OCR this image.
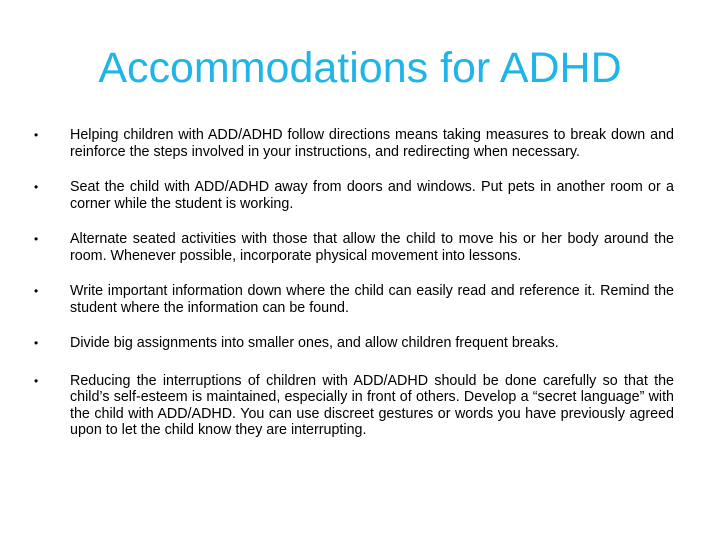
Accommodations for ADHD
•	Helping children with ADD/ADHD follow directions means taking measures to break down and reinforce the steps involved in your instructions, and redirecting when necessary.
•	Seat the child with ADD/ADHD away from doors and windows. Put pets in another room or a corner while the student is working.
•	Alternate seated activities with those that allow the child to move his or her body around the room. Whenever possible, incorporate physical movement into lessons.
•	Write important information down where the child can easily read and reference it. Remind the student where the information can be found.
•	Divide big assignments into smaller ones, and allow children frequent breaks.
•	Reducing the interruptions of children with ADD/ADHD should be done carefully so that the child’s self-esteem is maintained, especially in front of others. Develop a “secret language” with the child with ADD/ADHD. You can use discreet gestures or words you have previously agreed upon to let the child know they are interrupting.
